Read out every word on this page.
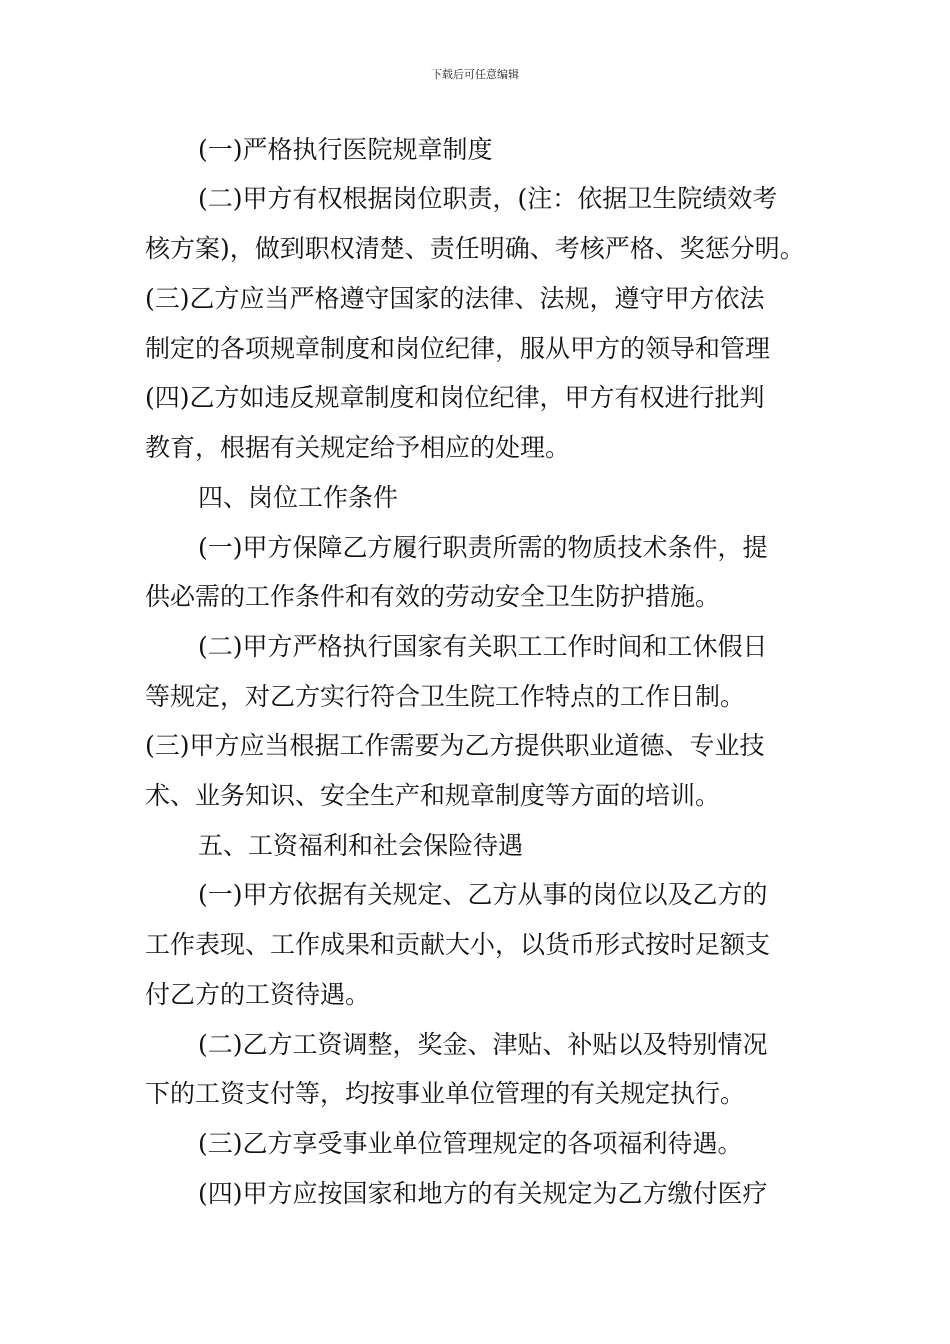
下载后可任意编辑
(一)严格执行医院规章制度
(二)甲方有权根据岗位职责，(注：依据卫生院绩效考
核方案)，做到职权清楚、责任明确、考核严格、奖惩分明。
(三)乙方应当严格遵守国家的法律、法规，遵守甲方依法
制定的各项规章制度和岗位纪律，服从甲方的领导和管理
(四)乙方如违反规章制度和岗位纪律，甲方有权进行批判
教育，根据有关规定给予相应的处理。
四、岗位工作条件
(一)甲方保障乙方履行职责所需的物质技术条件，提
供必需的工作条件和有效的劳动安全卫生防护措施。
(二)甲方严格执行国家有关职工工作时间和工休假日
等规定，对乙方实行符合卫生院工作特点的工作日制。
(三)甲方应当根据工作需要为乙方提供职业道德、专业技
术、业务知识、安全生产和规章制度等方面的培训。
五、工资福利和社会保险待遇
(一)甲方依据有关规定、乙方从事的岗位以及乙方的
工作表现、工作成果和贡献大小，以货币形式按时足额支
付乙方的工资待遇。
(二)乙方工资调整，奖金、津贴、补贴以及特别情况
下的工资支付等，均按事业单位管理的有关规定执行。
(三)乙方享受事业单位管理规定的各项福利待遇。
(四)甲方应按国家和地方的有关规定为乙方缴付医疗
